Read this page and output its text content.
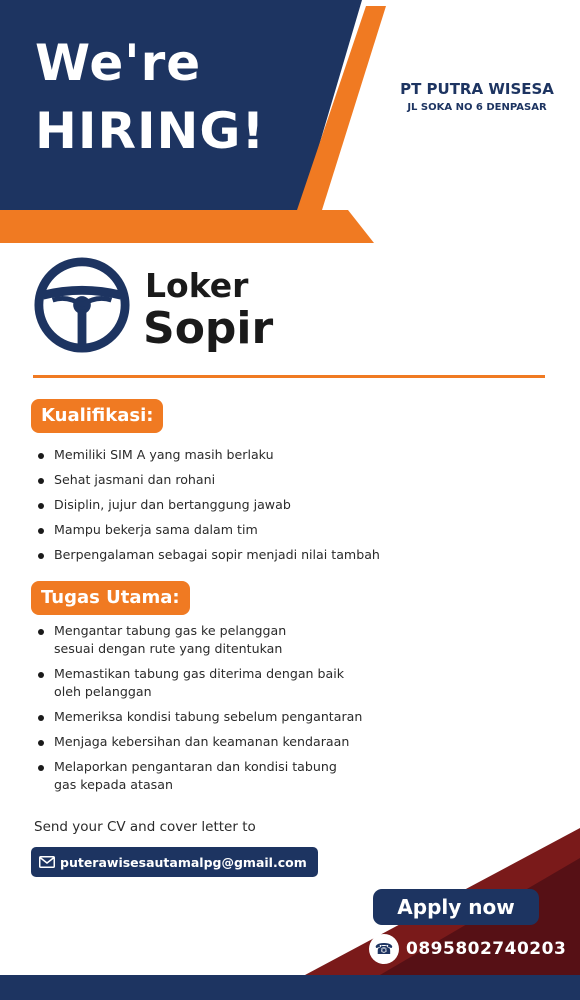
We're
HIRING!
PT PUTRA WISESA
JL SOKA NO 6 DENPASAR
Loker
Sopir
Kualifikasi:
Memiliki SIM A yang masih berlaku
Sehat jasmani dan rohani
Disiplin, jujur dan bertanggung jawab
Mampu bekerja sama dalam tim
Berpengalaman sebagai sopir menjadi nilai tambah
Tugas Utama:
Mengantar tabung gas ke pelanggan
sesuai dengan rute yang ditentukan
Memastikan tabung gas diterima dengan baik
oleh pelanggan
Memeriksa kondisi tabung sebelum pengantaran
Menjaga kebersihan dan keamanan kendaraan
Melaporkan pengantaran dan kondisi tabung
gas kepada atasan
Send your CV and cover letter to
puterawisesautamalpg@gmail.com
Apply now
☎ 0895802740203
